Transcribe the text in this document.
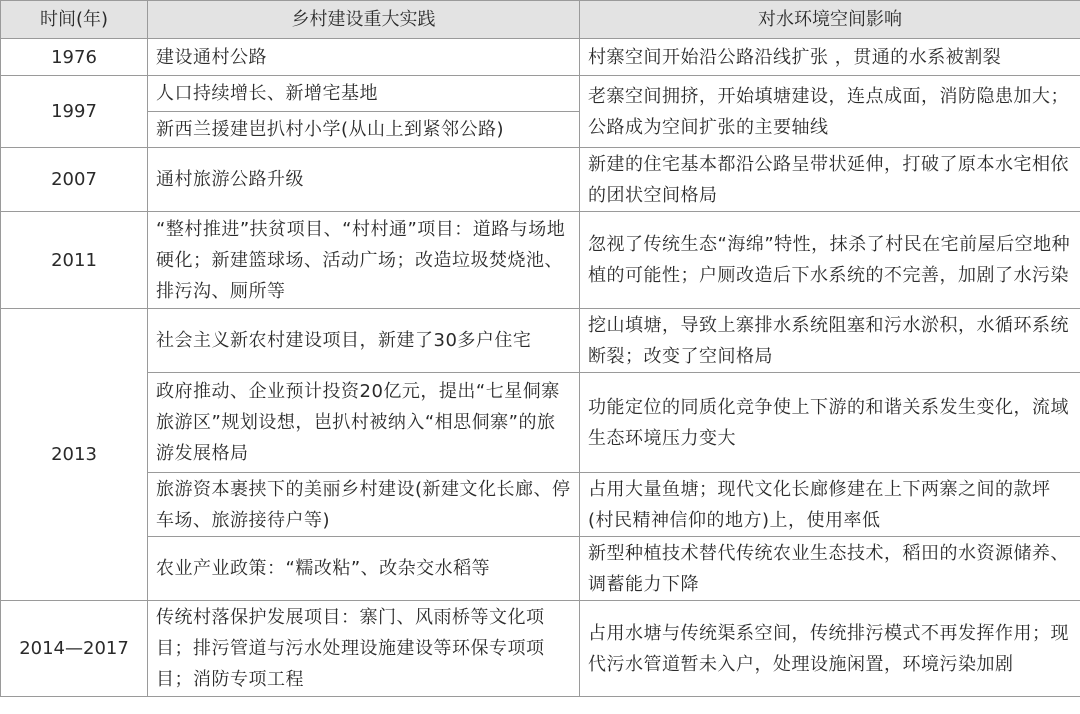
时间(年)	乡村建设重大实践	对水环境空间影响
1976	建设通村公路	村寨空间开始沿公路沿线扩张 ，贯通的水系被割裂
1997	人口持续增长、新增宅基地	老寨空间拥挤，开始填塘建设，连点成面，消防隐患加大；公路成为空间扩张的主要轴线
	新西兰援建岜扒村小学(从山上到紧邻公路)	
2007	通村旅游公路升级	新建的住宅基本都沿公路呈带状延伸，打破了原本水宅相依的团状空间格局
2011	“整村推进”扶贫项目、“村村通”项目：道路与场地硬化；新建篮球场、活动广场；改造垃圾焚烧池、排污沟、厕所等	忽视了传统生态“海绵”特性，抹杀了村民在宅前屋后空地种植的可能性；户厕改造后下水系统的不完善，加剧了水污染
2013	社会主义新农村建设项目，新建了30多户住宅	挖山填塘，导致上寨排水系统阻塞和污水淤积，水循环系统断裂；改变了空间格局
	政府推动、企业预计投资20亿元，提出“七星侗寨旅游区”规划设想，岜扒村被纳入“相思侗寨”的旅游发展格局	功能定位的同质化竞争使上下游的和谐关系发生变化，流域生态环境压力变大
	旅游资本裹挟下的美丽乡村建设(新建文化长廊、停车场、旅游接待户等)	占用大量鱼塘；现代文化长廊修建在上下两寨之间的款坪(村民精神信仰的地方)上，使用率低
	农业产业政策：“糯改粘”、改杂交水稻等	新型种植技术替代传统农业生态技术，稻田的水资源储养、调蓄能力下降
2014—2017	传统村落保护发展项目：寨门、风雨桥等文化项目；排污管道与污水处理设施建设等环保专项项目；消防专项工程	占用水塘与传统渠系空间，传统排污模式不再发挥作用；现代污水管道暂未入户，处理设施闲置，环境污染加剧
